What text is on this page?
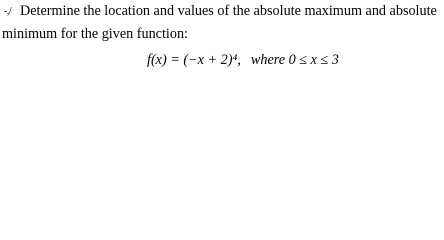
-,/ Determine the location and values of the absolute maximum and absolute
minimum for the given function:
f(x) = (−x + 2)⁴, where 0 ≤ x ≤ 3
